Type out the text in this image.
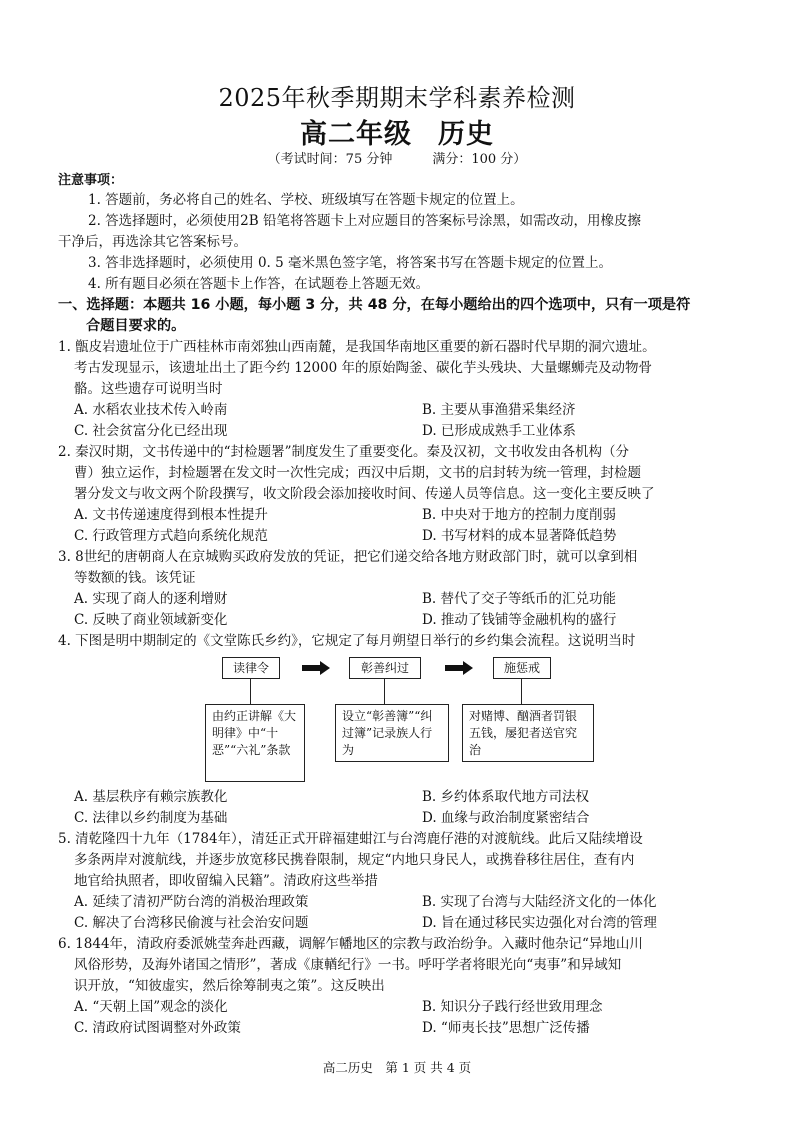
2025年秋季期期末学科素养检测
高二年级 历史
（考试时间：75 分钟	满分：100 分）
注意事项：
1. 答题前，务必将自己的姓名、学校、班级填写在答题卡规定的位置上。
2. 答选择题时，必须使用2B 铅笔将答题卡上对应题目的答案标号涂黑，如需改动，用橡皮擦
干净后，再选涂其它答案标号。
3. 答非选择题时，必须使用 0. 5 毫米黑色签字笔，将答案书写在答题卡规定的位置上。
4. 所有题目必须在答题卡上作答，在试题卷上答题无效。
一、选择题：本题共 16 小题，每小题 3 分，共 48 分，在每小题给出的四个选项中，只有一项是符
合题目要求的。
1. 甑皮岩遗址位于广西桂林市南郊独山西南麓，是我国华南地区重要的新石器时代早期的洞穴遗址。
考古发现显示，该遗址出土了距今约 12000 年的原始陶釜、碳化芋头残块、大量螺蛳壳及动物骨
骼。这些遗存可说明当时
A. 水稻农业技术传入岭南	B. 主要从事渔猎采集经济
C. 社会贫富分化已经出现	D. 已形成成熟手工业体系
2. 秦汉时期，文书传递中的“封检题署”制度发生了重要变化。秦及汉初，文书收发由各机构（分
曹）独立运作，封检题署在发文时一次性完成；西汉中后期，文书的启封转为统一管理，封检题
署分发文与收文两个阶段撰写，收文阶段会添加接收时间、传递人员等信息。这一变化主要反映了
A. 文书传递速度得到根本性提升	B. 中央对于地方的控制力度削弱
C. 行政管理方式趋向系统化规范	D. 书写材料的成本显著降低趋势
3. 8世纪的唐朝商人在京城购买政府发放的凭证，把它们递交给各地方财政部门时，就可以拿到相
等数额的钱。该凭证
A. 实现了商人的逐利增财	B. 替代了交子等纸币的汇兑功能
C. 反映了商业领域新变化	D. 推动了钱铺等金融机构的盛行
4. 下图是明中期制定的《文堂陈氏乡约》，它规定了每月朔望日举行的乡约集会流程。这说明当时
读律令	彰善纠过	施惩戒
由约正讲解《大明律》中“十恶”“六礼”条款
设立“彰善簿”“纠过簿”记录族人行为
对赌博、酗酒者罚银五钱，屡犯者送官究治
A. 基层秩序有赖宗族教化	B. 乡约体系取代地方司法权
C. 法律以乡约制度为基础	D. 血缘与政治制度紧密结合
5. 清乾隆四十九年（1784年），清廷正式开辟福建蚶江与台湾鹿仔港的对渡航线。此后又陆续增设
多条两岸对渡航线，并逐步放宽移民携眷限制，规定“内地只身民人，或携眷移往居住，查有内
地官给执照者，即收留编入民籍”。清政府这些举措
A. 延续了清初严防台湾的消极治理政策	B. 实现了台湾与大陆经济文化的一体化
C. 解决了台湾移民偷渡与社会治安问题	D. 旨在通过移民实边强化对台湾的管理
6. 1844年，清政府委派姚莹奔赴西藏，调解乍幡地区的宗教与政治纷争。入藏时他杂记“异地山川
风俗形势，及海外诸国之情形”，著成《康輶纪行》一书。呼吁学者将眼光向“夷事”和异域知
识开放，“知彼虚实，然后徐筹制夷之策”。这反映出
A. “天朝上国”观念的淡化	B. 知识分子践行经世致用理念
C. 清政府试图调整对外政策	D. “师夷长技”思想广泛传播
高二历史　第 1 页 共 4 页
